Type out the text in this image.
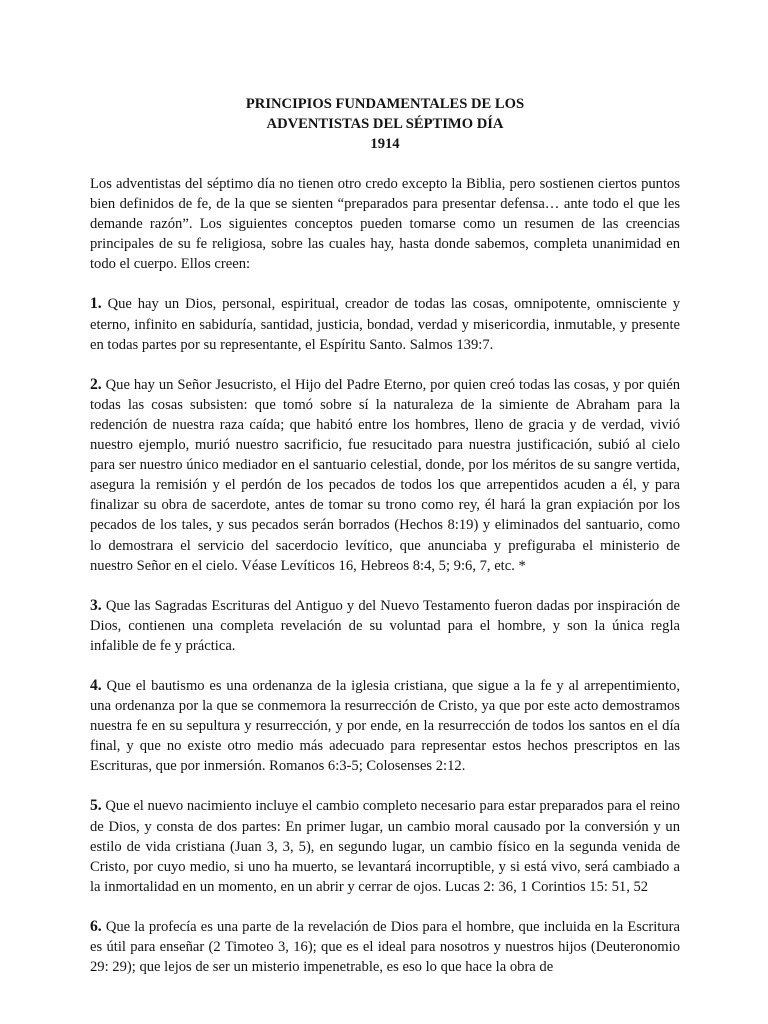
PRINCIPIOS FUNDAMENTALES DE LOS
ADVENTISTAS DEL SÉPTIMO DÍA
1914

Los adventistas del séptimo día no tienen otro credo excepto la Biblia, pero sostienen ciertos puntos bien definidos de fe, de la que se sienten “preparados para presentar defensa… ante todo el que les demande razón”. Los siguientes conceptos pueden tomarse como un resumen de las creencias principales de su fe religiosa, sobre las cuales hay, hasta donde sabemos, completa unanimidad en todo el cuerpo. Ellos creen:

1. Que hay un Dios, personal, espiritual, creador de todas las cosas, omnipotente, omnisciente y eterno, infinito en sabiduría, santidad, justicia, bondad, verdad y misericordia, inmutable, y presente en todas partes por su representante, el Espíritu Santo. Salmos 139:7.

2. Que hay un Señor Jesucristo, el Hijo del Padre Eterno, por quien creó todas las cosas, y por quién todas las cosas subsisten: que tomó sobre sí la naturaleza de la simiente de Abraham para la redención de nuestra raza caída; que habitó entre los hombres, lleno de gracia y de verdad, vivió nuestro ejemplo, murió nuestro sacrificio, fue resucitado para nuestra justificación, subió al cielo para ser nuestro único mediador en el santuario celestial, donde, por los méritos de su sangre vertida, asegura la remisión y el perdón de los pecados de todos los que arrepentidos acuden a él, y para finalizar su obra de sacerdote, antes de tomar su trono como rey, él hará la gran expiación por los pecados de los tales, y sus pecados serán borrados (Hechos 8:19) y eliminados del santuario, como lo demostrara el servicio del sacerdocio levítico, que anunciaba y prefiguraba el ministerio de nuestro Señor en el cielo. Véase Levíticos 16, Hebreos 8:4, 5; 9:6, 7, etc. *

3. Que las Sagradas Escrituras del Antiguo y del Nuevo Testamento fueron dadas por inspiración de Dios, contienen una completa revelación de su voluntad para el hombre, y son la única regla infalible de fe y práctica.

4. Que el bautismo es una ordenanza de la iglesia cristiana, que sigue a la fe y al arrepentimiento, una ordenanza por la que se conmemora la resurrección de Cristo, ya que por este acto demostramos nuestra fe en su sepultura y resurrección, y por ende, en la resurrección de todos los santos en el día final, y que no existe otro medio más adecuado para representar estos hechos prescriptos en las Escrituras, que por inmersión. Romanos 6:3-5; Colosenses 2:12.

5. Que el nuevo nacimiento incluye el cambio completo necesario para estar preparados para el reino de Dios, y consta de dos partes: En primer lugar, un cambio moral causado por la conversión y un estilo de vida cristiana (Juan 3, 3, 5), en segundo lugar, un cambio físico en la segunda venida de Cristo, por cuyo medio, si uno ha muerto, se levantará incorruptible, y si está vivo, será cambiado a la inmortalidad en un momento, en un abrir y cerrar de ojos. Lucas 2: 36, 1 Corintios 15: 51, 52

6. Que la profecía es una parte de la revelación de Dios para el hombre, que incluida en la Escritura es útil para enseñar (2 Timoteo 3, 16); que es el ideal para nosotros y nuestros hijos (Deuteronomio 29: 29); que lejos de ser un misterio impenetrable, es eso lo que hace la obra de
